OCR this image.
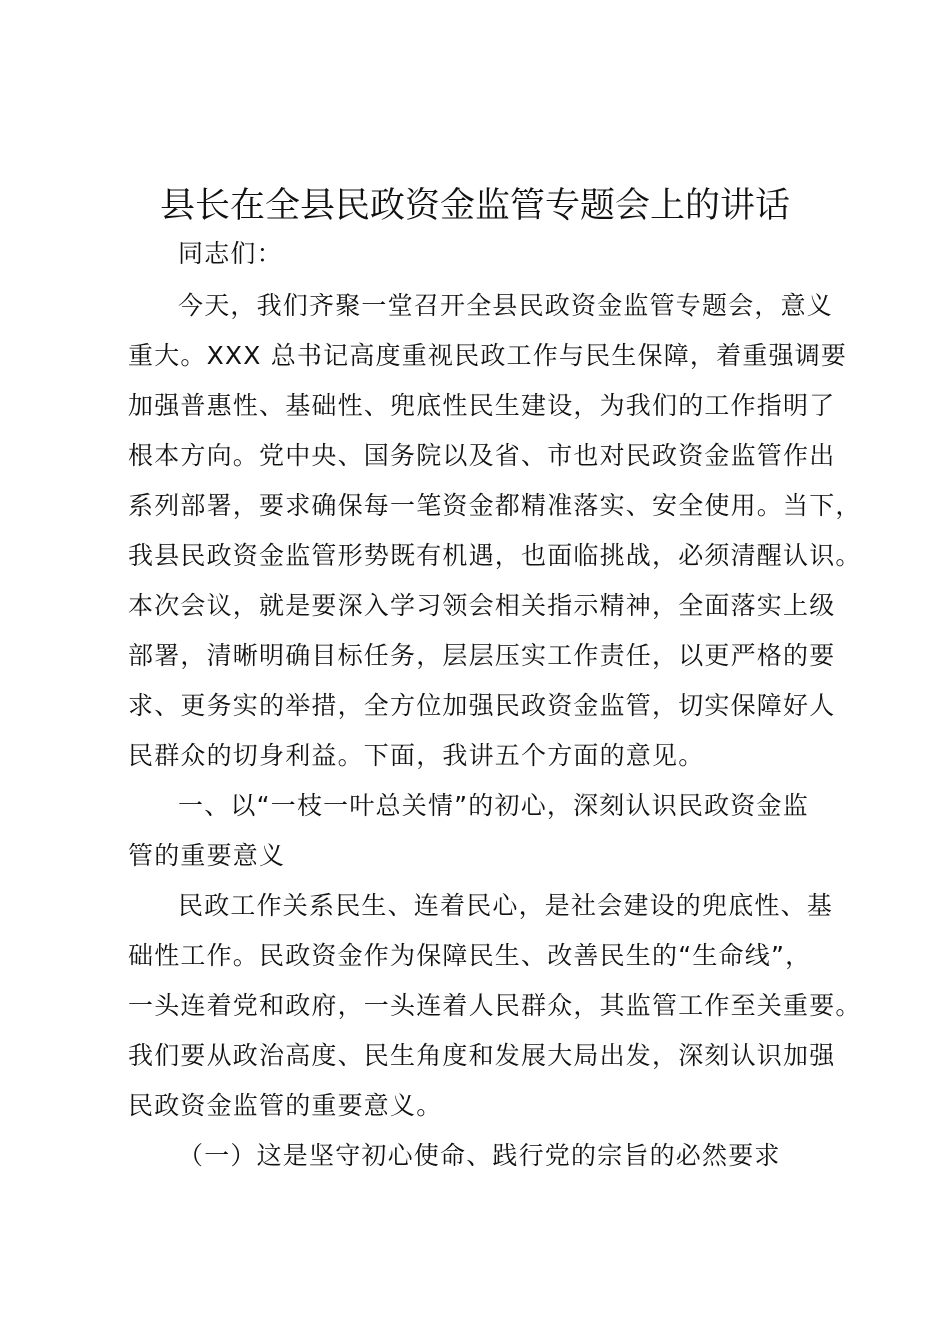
县长在全县民政资金监管专题会上的讲话
同志们：
今天，我们齐聚一堂召开全县民政资金监管专题会，意义
重大。XXX 总书记高度重视民政工作与民生保障，着重强调要
加强普惠性、基础性、兜底性民生建设，为我们的工作指明了
根本方向。党中央、国务院以及省、市也对民政资金监管作出
系列部署，要求确保每一笔资金都精准落实、安全使用。当下，
我县民政资金监管形势既有机遇，也面临挑战，必须清醒认识。
本次会议，就是要深入学习领会相关指示精神，全面落实上级
部署，清晰明确目标任务，层层压实工作责任，以更严格的要
求、更务实的举措，全方位加强民政资金监管，切实保障好人
民群众的切身利益。下面，我讲五个方面的意见。
一、以“一枝一叶总关情”的初心，深刻认识民政资金监
管的重要意义
民政工作关系民生、连着民心，是社会建设的兜底性、基
础性工作。民政资金作为保障民生、改善民生的“生命线”，
一头连着党和政府，一头连着人民群众，其监管工作至关重要。
我们要从政治高度、民生角度和发展大局出发，深刻认识加强
民政资金监管的重要意义。
（一）这是坚守初心使命、践行党的宗旨的必然要求
